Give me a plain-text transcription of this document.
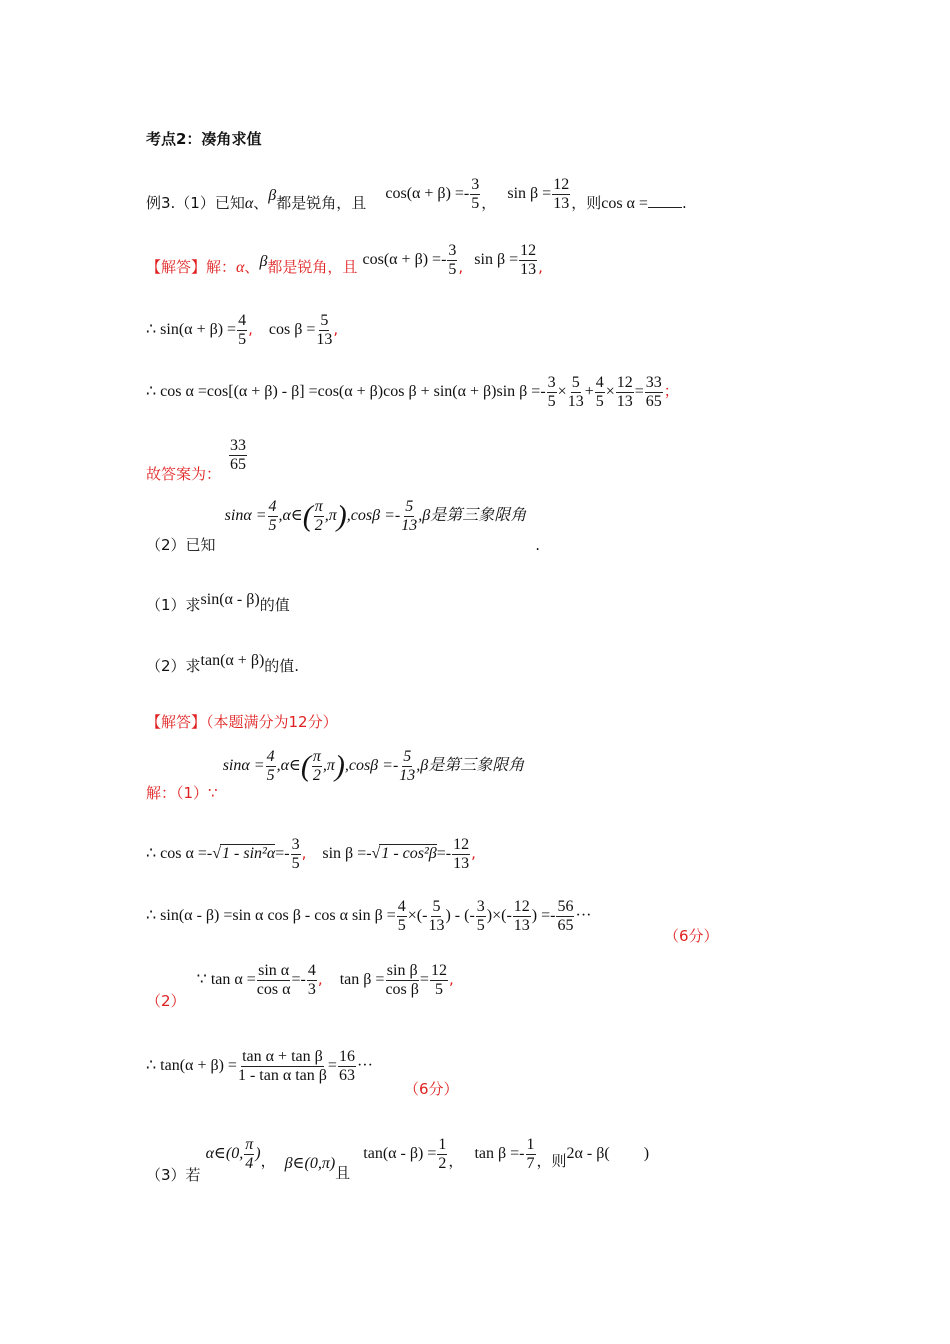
考点2：凑角求值
例3.（1）已知α、β都是锐角，且 $\cos(\alpha + \beta) =- \frac{3}{5}$ ， $\sin \beta = \frac{12}{13}$ ，则cos α = .
【解答】解：α、β都是锐角，且 $\cos(\alpha + \beta) =- \frac{3}{5}$ , $\sin \beta = \frac{12}{13}$ ,
∴ $\sin(\alpha + \beta) = \frac{4}{5}$ , $\cos \beta = \frac{5}{13}$ ,
∴ cos α =cos[(α + β) - β] =cos(α + β)cos β + sin(α + β)sin $\beta =- \frac{3}{5} \times \frac{5}{13} + \frac{4}{5} \times \frac{12}{13} = \frac{33}{65}$ ；
$\frac{33}{65}$
故答案为：
（2）已知 $\sin\alpha = \frac{4}{5}$ ,α∈( $\frac{\pi}{2} ,\pi),\cos\beta =- \frac{5}{13} ,\beta$是第三象限角 .
（1）求sin(α - β)的值
（2）求tan(α + β)的值.
【解答】（本题满分为12分）
解：（1）∵ $\sin\alpha = \frac{4}{5}$ ,α∈( $\frac{\pi}{2} ,\pi),\cos\beta =- \frac{5}{13} ,\beta$是第三象限角
∴ $\cos \alpha =-√1 - \sin^2\alpha=- \frac{3}{5}$ , $\sin \beta =-√1 - \cos^2\beta=- \frac{12}{13}$ ,
∴ sin(α - β) =sin α cos β - cos α $\sin \beta = \frac{4}{5}$ ×(- $\frac{5}{13}$ ) - (- $\frac{3}{5}$ )×(- $\frac{12}{13}$ ) =- $\frac{56}{65}$ ···
（6分）
（2） ∵ $\tan \alpha = \frac{\text{sin α}}{\text{cos α}} =- \frac{4}{3}$ , $\tan \beta = \frac{\text{sin β}}{\text{cos β}} = \frac{12}{5}$ ,
∴ $\tan(\alpha + \beta) = \frac{\text{tan α + tan β}}{\text{1 - tan α tan β}} = \frac{16}{63}$ ···
（6分）
（3）若 α∈(0, $\frac{\pi}{4}$ )， β∈(0,π)且 $\tan(\alpha - \beta) = \frac{1}{2}$ ， $\tan \beta =- \frac{1}{7}$ ，则2α - β( )
